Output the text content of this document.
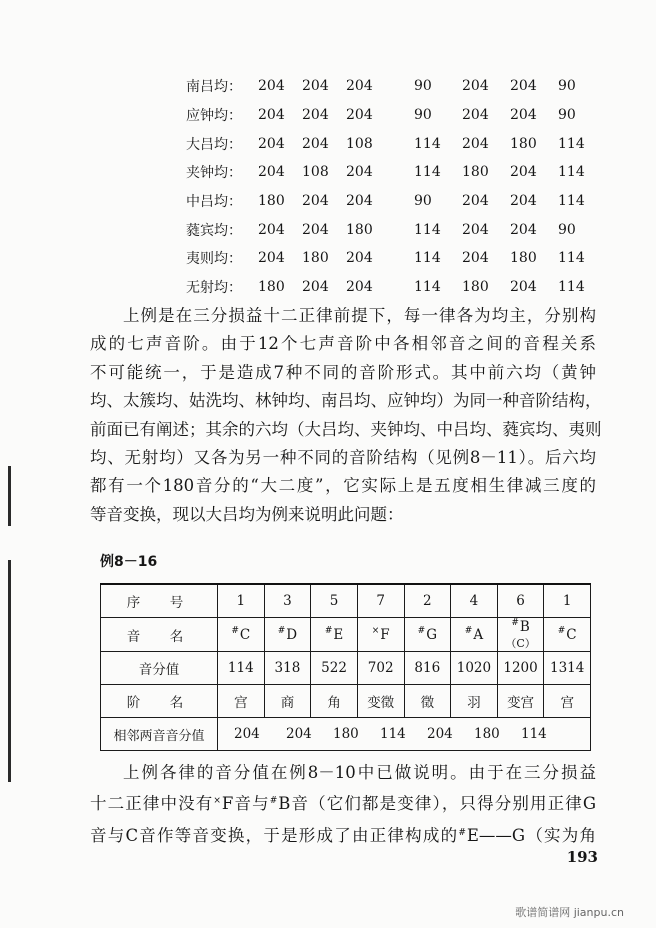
南吕均：	204	204	204		90	204	204	90
应钟均：	204	204	204		90	204	204	90
大吕均：	204	204	108		114	204	180	114
夹钟均：	204	108	204		114	180	204	114
中吕均：	180	204	204		90	204	204	114
蕤宾均：	204	204	180		114	204	204	90
夷则均：	204	180	204		114	204	180	114
无射均：	180	204	204		114	180	204	114

上例是在三分损益十二正律前提下，每一律各为均主，分别构
成的七声音阶。由于12个七声音阶中各相邻音之间的音程关系
不可能统一，于是造成7种不同的音阶形式。其中前六均（黄钟
均、太簇均、姑洗均、林钟均、南吕均、应钟均）为同一种音阶结构，
前面已有阐述；其余的六均（大吕均、夹钟均、中吕均、蕤宾均、夷则
均、无射均）又各为另一种不同的音阶结构（见例8－11）。后六均
都有一个180音分的“大二度”，它实际上是五度相生律减三度的
等音变换，现以大吕均为例来说明此问题：

例8－16
序　号	1	3	5	7	2	4	6	1
音　名	#C	#D	#E	×F	#G	#A	#B（C）	#C
音分值	114	318	522	702	816	1020	1200	1314
阶　名	宫	商	角	变徵	徵	羽	变宫	宫
相邻两音音分值	204 204 180 114 204 180 114							

上例各律的音分值在例8－10中已做说明。由于在三分损益
十二正律中没有×F音与#B音（它们都是变律），只得分别用正律G
音与C音作等音变换，于是形成了由正律构成的#E——G（实为角

193
歌谱简谱网 jianpu.cn
